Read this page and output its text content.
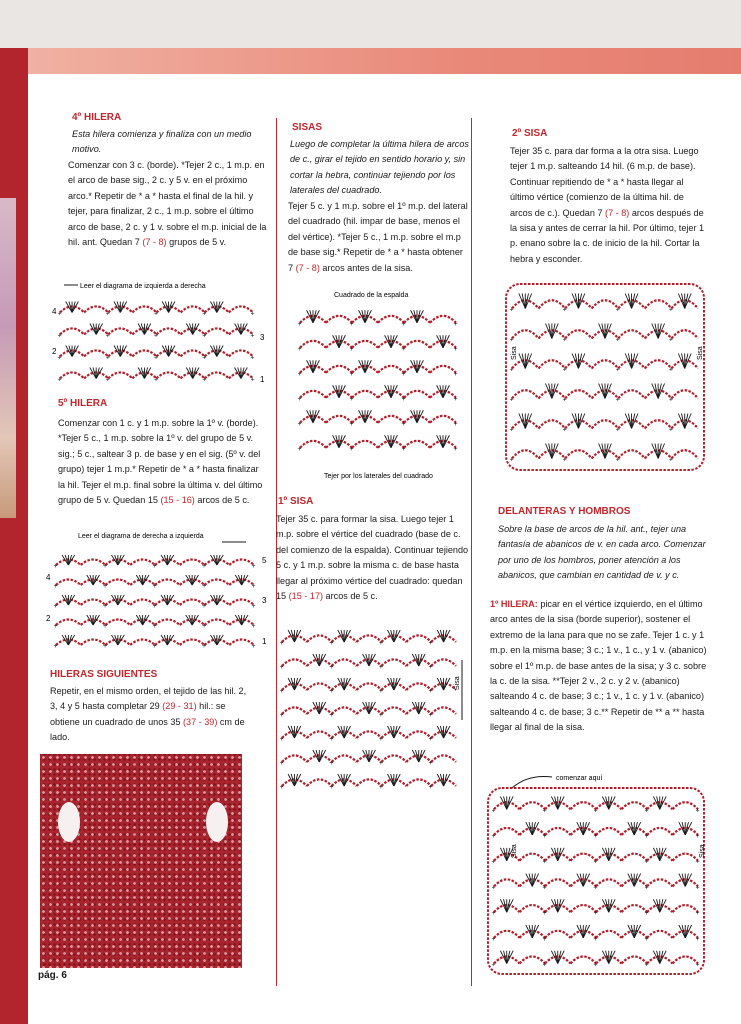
4º HILERA

Esta hilera comienza y finaliza con un medio motivo.

Comenzar con 3 c. (borde). *Tejer 2 c., 1 m.p. en el arco de base sig., 2 c. y 5 v. en el próximo arco.* Repetir de * a * hasta el final de la hil. y tejer, para finalizar, 2 c., 1 m.p. sobre el último arco de base, 2 c. y 1 v. sobre el m.p. inicial de la hil. ant. Quedan 7 (7 - 8) grupos de 5 v.

Leer el diagrama de izquierda a derecha
+	+	+	+	+
+	+	+	+	+
+	+	+	+	+
+	+	+	+	+
4
3
2
1
5º HILERA

Comenzar con 1 c. y 1 m.p. sobre la 1º v. (borde). *Tejer 5 c., 1 m.p. sobre la 1º v. del grupo de 5 v. sig.; 5 c., saltear 3 p. de base y en el sig. (5º v. del grupo) tejer 1 m.p.* Repetir de * a * hasta finalizar la hil. Tejer el m.p. final sobre la última v. del último grupo de 5 v. Quedan 15 (15 - 16) arcos de 5 c.

Leer el diagrama de derecha a izquierda
+	+	+	+	+
+	+	+	+	+
+	+	+	+	+
+	+	+	+	+
+	+	+	+	+
5
4
3
2
1
HILERAS SIGUIENTES

Repetir, en el mismo orden, el tejido de las hil. 2, 3, 4 y 5 hasta completar 29 (29 - 31) hil.: se obtiene un cuadrado de unos 35 (37 - 39) cm de lado.

pág. 6
SISAS

Luego de completar la última hilera de arcos de c., girar el tejido en sentido horario y, sin cortar la hebra, continuar tejiendo por los laterales del cuadrado.

Tejer 5 c. y 1 m.p. sobre el 1º m.p. del lateral del cuadrado (hil. impar de base, menos el del vértice). *Tejer 5 c., 1 m.p. sobre el m.p de base sig.* Repetir de * a * hasta obtener 7 (7 - 8) arcos antes de la sisa.

Cuadrado de la espalda
+	+	+	+
+	+	+	+
+	+	+	+
+	+	+	+
+	+	+	+
+	+	+	+
Tejer por los laterales del cuadrado
1º SISA

Tejer 35 c. para formar la sisa. Luego tejer 1 m.p. sobre el vértice del cuadrado (base de c. del comienzo de la espalda). Continuar tejiendo 5 c. y 1 m.p. sobre la misma c. de base hasta llegar al próximo vértice del cuadrado: quedan 15 (15 - 17) arcos de 5 c.

+	+	+	+
+	+	+	+
+	+	+	+
+	+	+	+
+	+	+	+
+	+	+	+
+	+	+	+
Sisa
2º SISA

Tejer 35 c. para dar forma a la otra sisa. Luego tejer 1 m.p. salteando 14 hil. (6 m.p. de base). Continuar repitiendo de * a * hasta llegar al último vértice (comienzo de la última hil. de arcos de c.). Quedan 7 (7 - 8) arcos después de la sisa y antes de cerrar la hil. Por último, tejer 1 p. enano sobre la c. de inicio de la hil. Cortar la hebra y esconder.

+	+	+	+
+	+	+	+
+	+	+	+
+	+	+	+
+	+	+	+
+	+	+	+
Sisa	Sisa
DELANTERAS Y HOMBROS

Sobre la base de arcos de la hil. ant., tejer una fantasía de abanicos de v. en cada arco. Comenzar por uno de los hombros, poner atención a los abanicos, que cambian en cantidad de v. y c.

1º HILERA: picar en el vértice izquierdo, en el último arco antes de la sisa (borde superior), sostener el extremo de la lana para que no se zafe. Tejer 1 c. y 1 m.p. en la misma base; 3 c.; 1 v., 1 c., y 1 v. (abanico) sobre el 1º m.p. de base antes de la sisa; y 3 c. sobre la c. de la sisa. **Tejer 2 v., 2 c. y 2 v. (abanico) salteando 4 c. de base; 3 c.; 1 v., 1 c. y 1 v. (abanico) salteando 4 c. de base; 3 c.** Repetir de ** a ** hasta llegar al final de la sisa.

comenzar aquí
+	+	+	+	+
+	+	+	+	+
+	+	+	+	+
+	+	+	+	+
+	+	+	+	+
+	+	+	+	+
+	+	+	+	+
Sisa	Sisa
